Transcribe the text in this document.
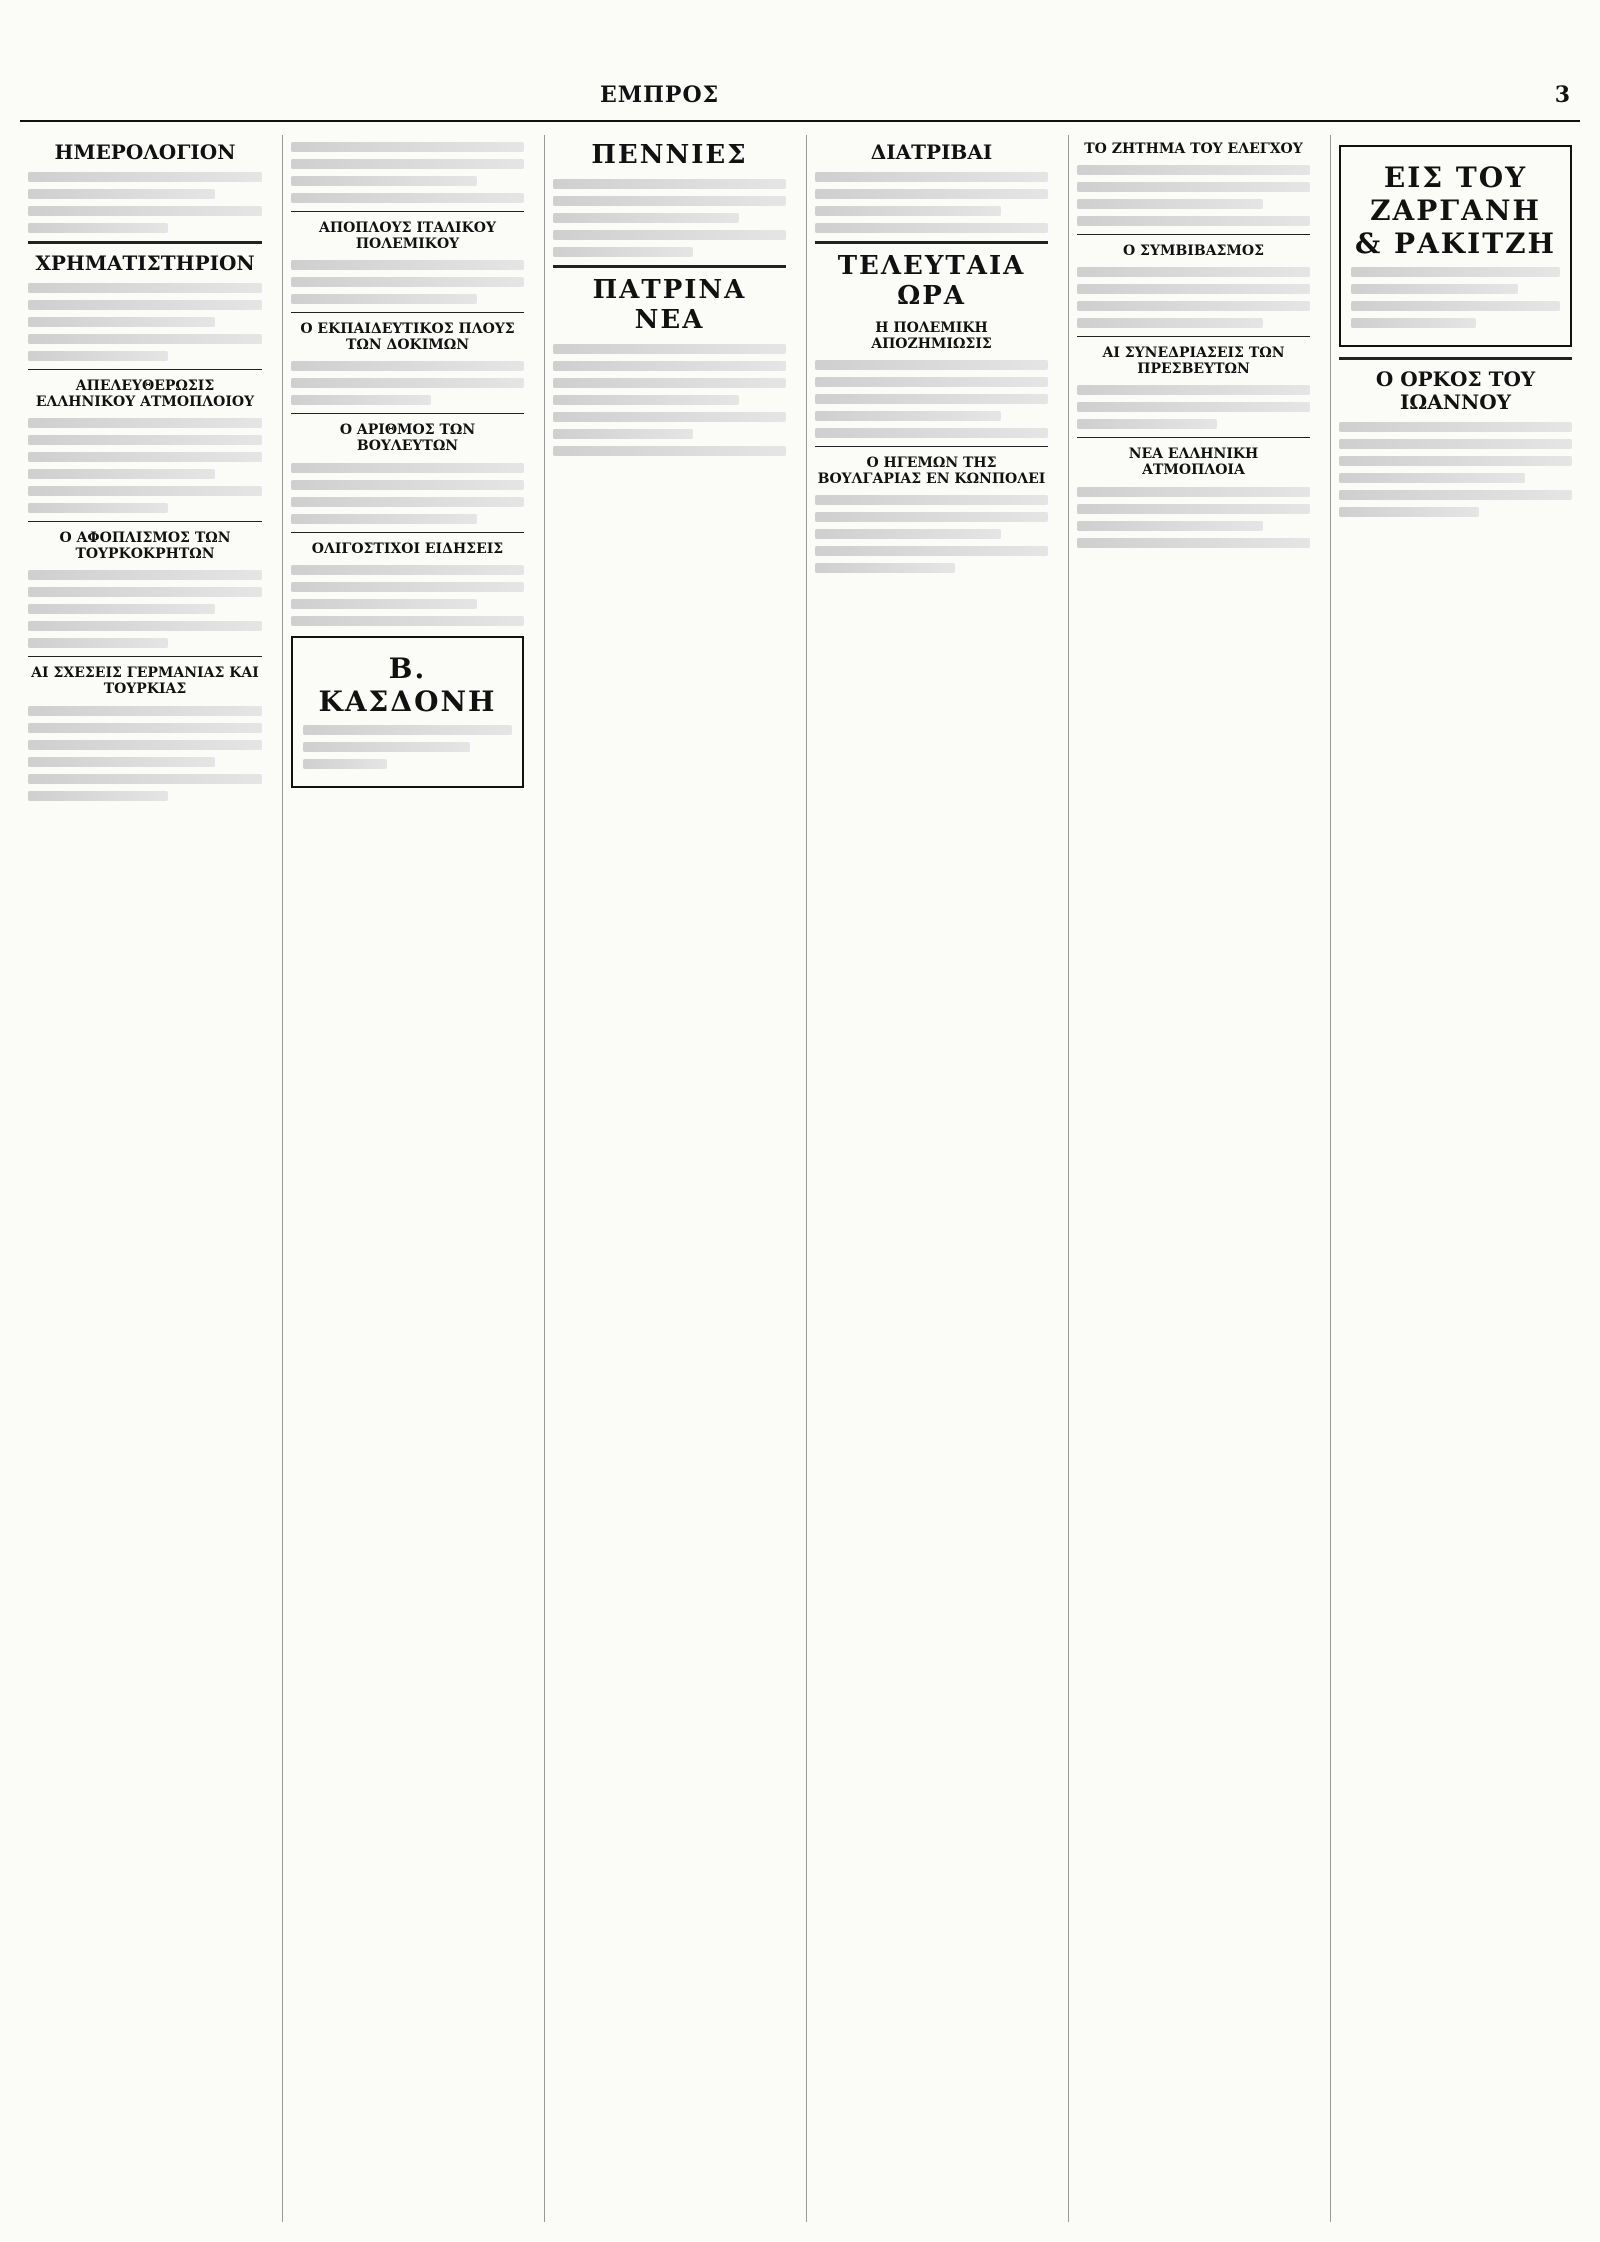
ΕΜΠΡΟΣ	3
ΗΜΕΡΟΛΟΓΙΟΝ
ΧΡΗΜΑΤΙΣΤΗΡΙΟΝ
ΑΠΕΛΕΥΘΕΡΩΣΙΣ ΕΛΛΗΝΙΚΟΥ ΑΤΜΟΠΛΟΙΟΥ
Ο ΑΦΟΠΛΙΣΜΟΣ ΤΩΝ ΤΟΥΡΚΟΚΡΗΤΩΝ
ΑΙ ΣΧΕΣΕΙΣ ΓΕΡΜΑΝΙΑΣ ΚΑΙ ΤΟΥΡΚΙΑΣ
ΑΠΟΠΛΟΥΣ ΙΤΑΛΙΚΟΥ ΠΟΛΕΜΙΚΟΥ
Ο ΕΚΠΑΙΔΕΥΤΙΚΟΣ ΠΛΟΥΣ ΤΩΝ ΔΟΚΙΜΩΝ
Ο ΑΡΙΘΜΟΣ ΤΩΝ ΒΟΥΛΕΥΤΩΝ
ΟΛΙΓΟΣΤΙΧΟΙ ΕΙΔΗΣΕΙΣ
Β. ΚΑΣΔΟΝΗ
ΠΕΝΝΙΕΣ
ΠΑΤΡΙΝΑ ΝΕΑ
ΔΙΑΤΡΙΒΑΙ
ΤΕΛΕΥΤΑΙΑ ΩΡΑ
Η ΠΟΛΕΜΙΚΗ ΑΠΟΖΗΜΙΩΣΙΣ
Ο ΗΓΕΜΩΝ ΤΗΣ ΒΟΥΛΓΑΡΙΑΣ ΕΝ ΚΩΝΠΟΛΕΙ
ΤΟ ΖΗΤΗΜΑ ΤΟΥ ΕΛΕΓΧΟΥ
Ο ΣΥΜΒΙΒΑΣΜΟΣ
ΑΙ ΣΥΝΕΔΡΙΑΣΕΙΣ ΤΩΝ ΠΡΕΣΒΕΥΤΩΝ
ΝΕΑ ΕΛΛΗΝΙΚΗ ΑΤΜΟΠΛΟΙΑ
ΕΙΣ ΤΟΥ ΖΑΡΓΑΝΗ & ΡΑΚΙΤΖΗ
Ο ΟΡΚΟΣ ΤΟΥ ΙΩΑΝΝΟΥ
